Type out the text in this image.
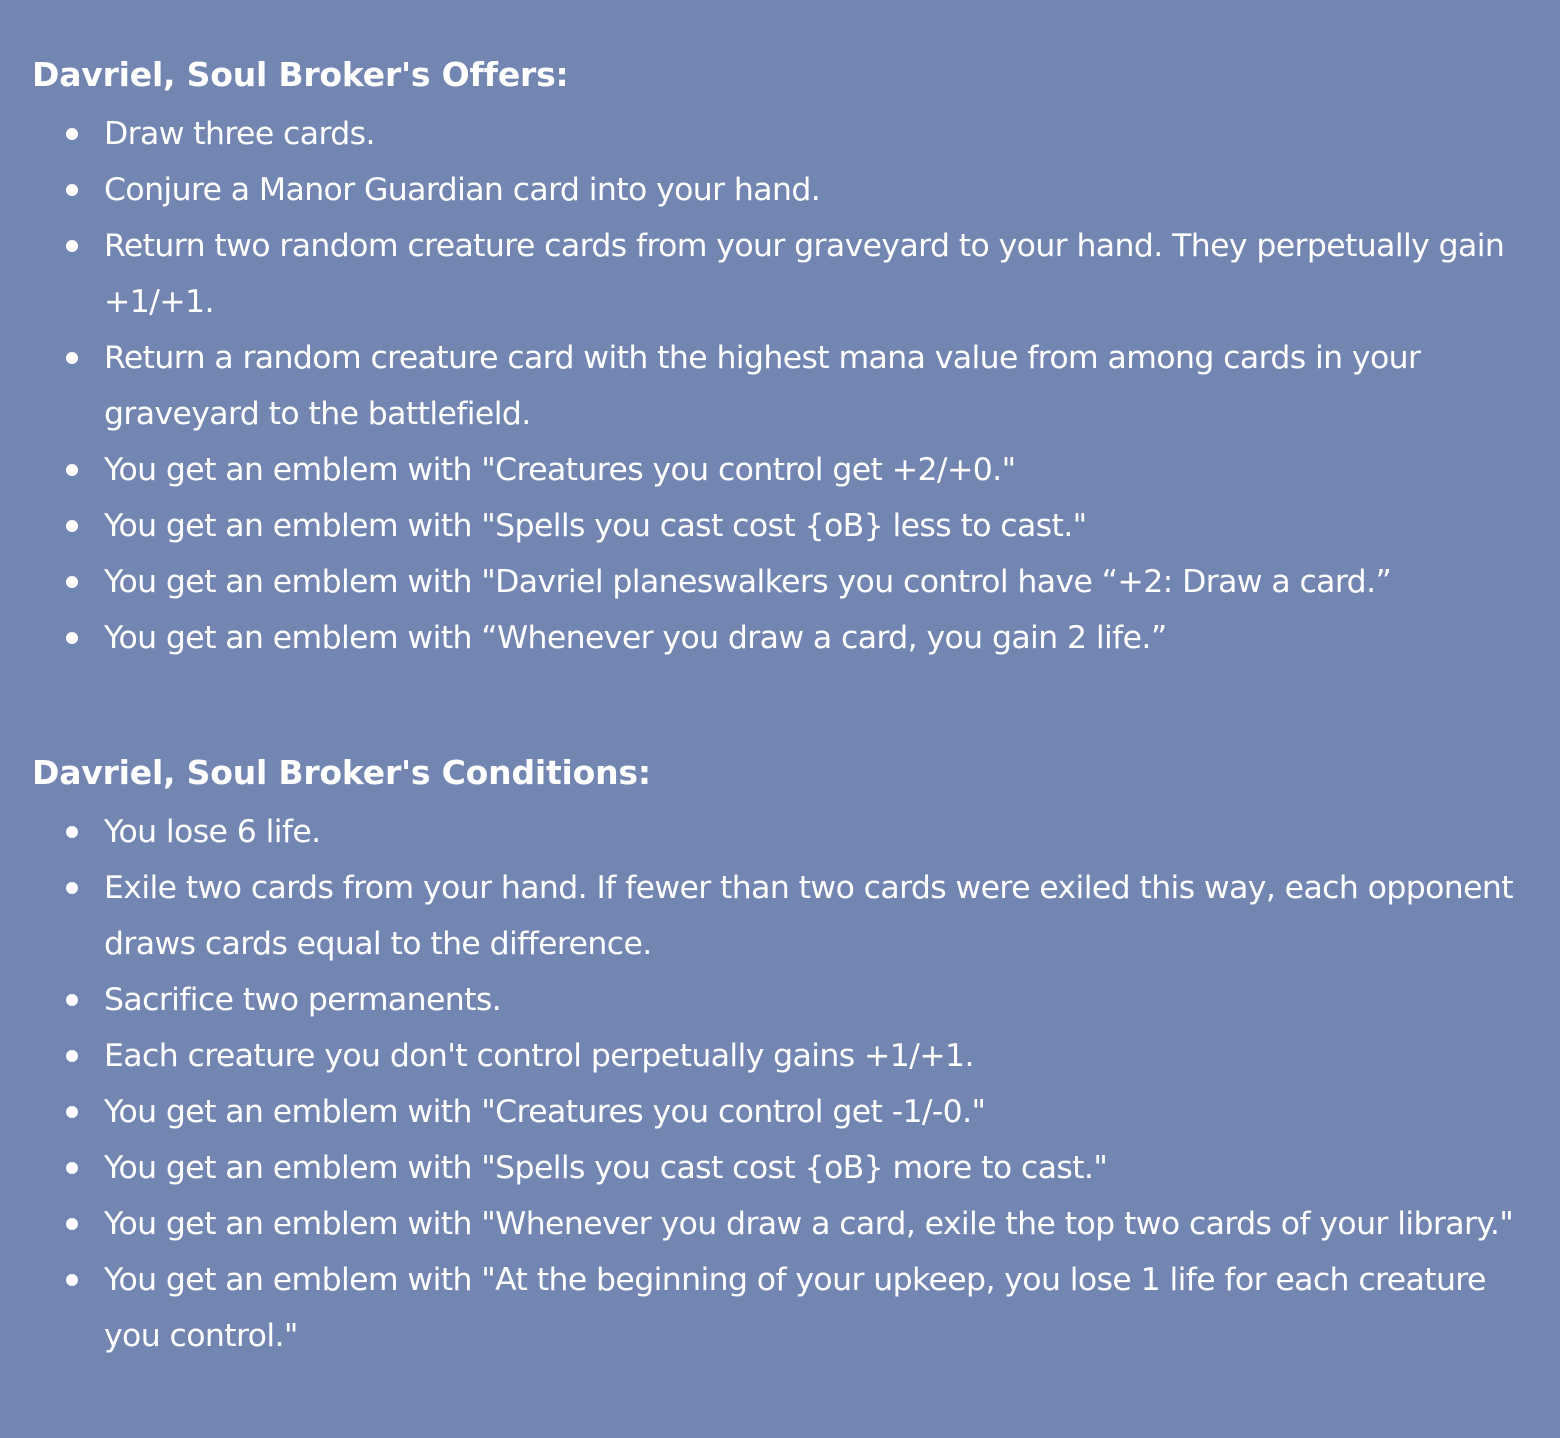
Davriel, Soul Broker's Offers:
Draw three cards.
Conjure a Manor Guardian card into your hand.
Return two random creature cards from your graveyard to your hand. They perpetually gain +1/+1.
Return a random creature card with the highest mana value from among cards in your graveyard to the battlefield.
You get an emblem with "Creatures you control get +2/+0."
You get an emblem with "Spells you cast cost {oB} less to cast."
You get an emblem with "Davriel planeswalkers you control have “+2: Draw a card.”
You get an emblem with “Whenever you draw a card, you gain 2 life.”
Davriel, Soul Broker's Conditions:
You lose 6 life.
Exile two cards from your hand. If fewer than two cards were exiled this way, each opponent draws cards equal to the difference.
Sacrifice two permanents.
Each creature you don't control perpetually gains +1/+1.
You get an emblem with "Creatures you control get -1/-0."
You get an emblem with "Spells you cast cost {oB} more to cast."
You get an emblem with "Whenever you draw a card, exile the top two cards of your library."
You get an emblem with "At the beginning of your upkeep, you lose 1 life for each creature you control."
